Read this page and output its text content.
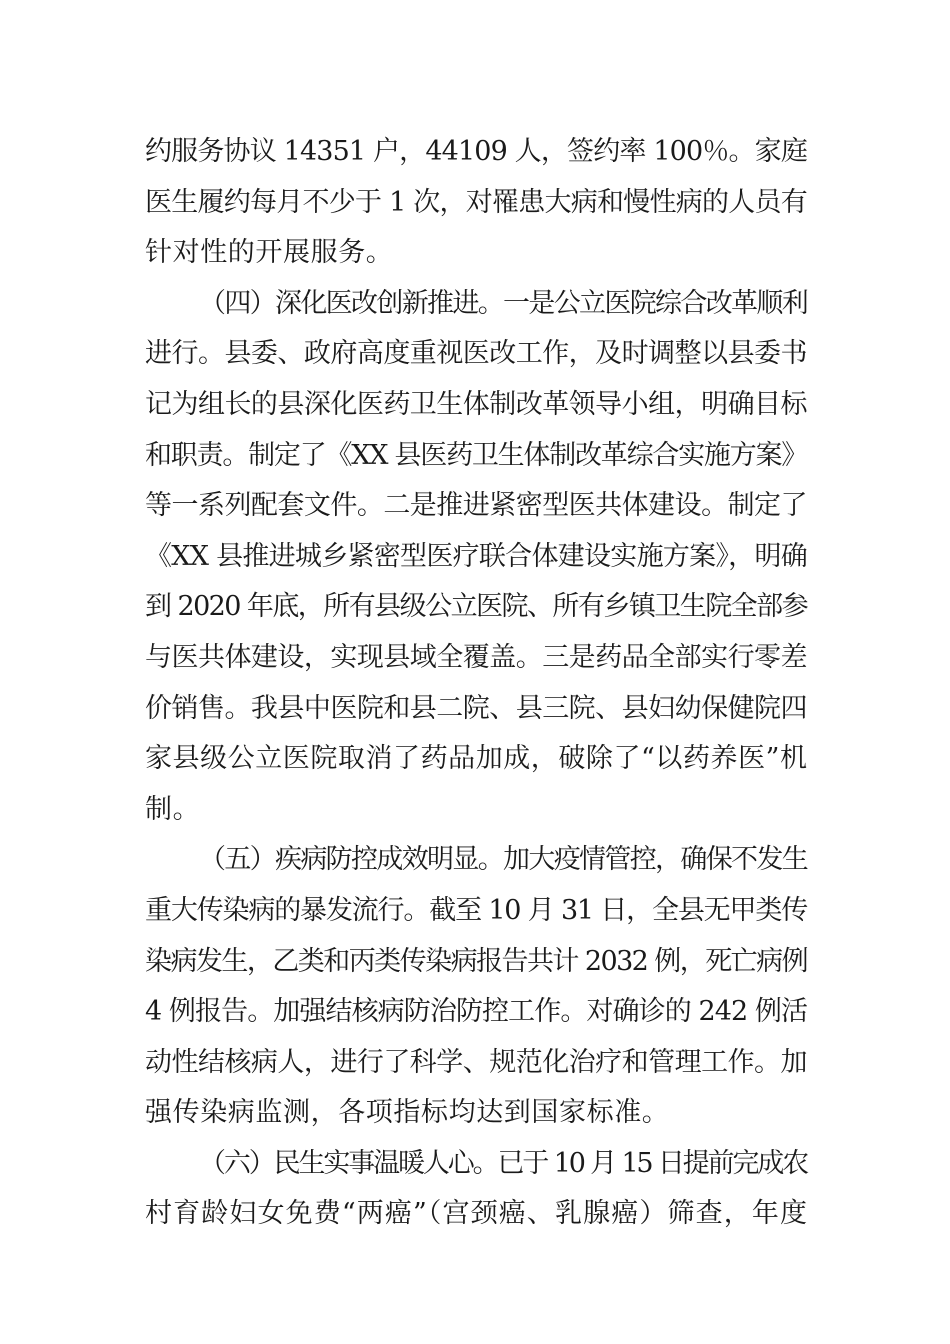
约服务协议 14351 户，44109 人，签约率 100％。家庭
医生履约每月不少于 1 次，对罹患大病和慢性病的人员有
针对性的开展服务。

（四）深化医改创新推进。一是公立医院综合改革顺利
进行。县委、政府高度重视医改工作，及时调整以县委书
记为组长的县深化医药卫生体制改革领导小组，明确目标
和职责。制定了《XX 县医药卫生体制改革综合实施方案》
等一系列配套文件。二是推进紧密型医共体建设。制定了
《XX 县推进城乡紧密型医疗联合体建设实施方案》，明确
到 2020 年底，所有县级公立医院、所有乡镇卫生院全部参
与医共体建设，实现县域全覆盖。三是药品全部实行零差
价销售。我县中医院和县二院、县三院、县妇幼保健院四
家县级公立医院取消了药品加成，破除了“以药养医”机
制。

（五）疾病防控成效明显。加大疫情管控，确保不发生
重大传染病的暴发流行。截至 10 月 31 日，全县无甲类传
染病发生，乙类和丙类传染病报告共计 2032 例，死亡病例
4 例报告。加强结核病防治防控工作。对确诊的 242 例活
动性结核病人，进行了科学、规范化治疗和管理工作。加
强传染病监测，各项指标均达到国家标准。

（六）民生实事温暖人心。已于 10 月 15 日提前完成农
村育龄妇女免费“两癌”（宫颈癌、乳腺癌）筛查，年度
